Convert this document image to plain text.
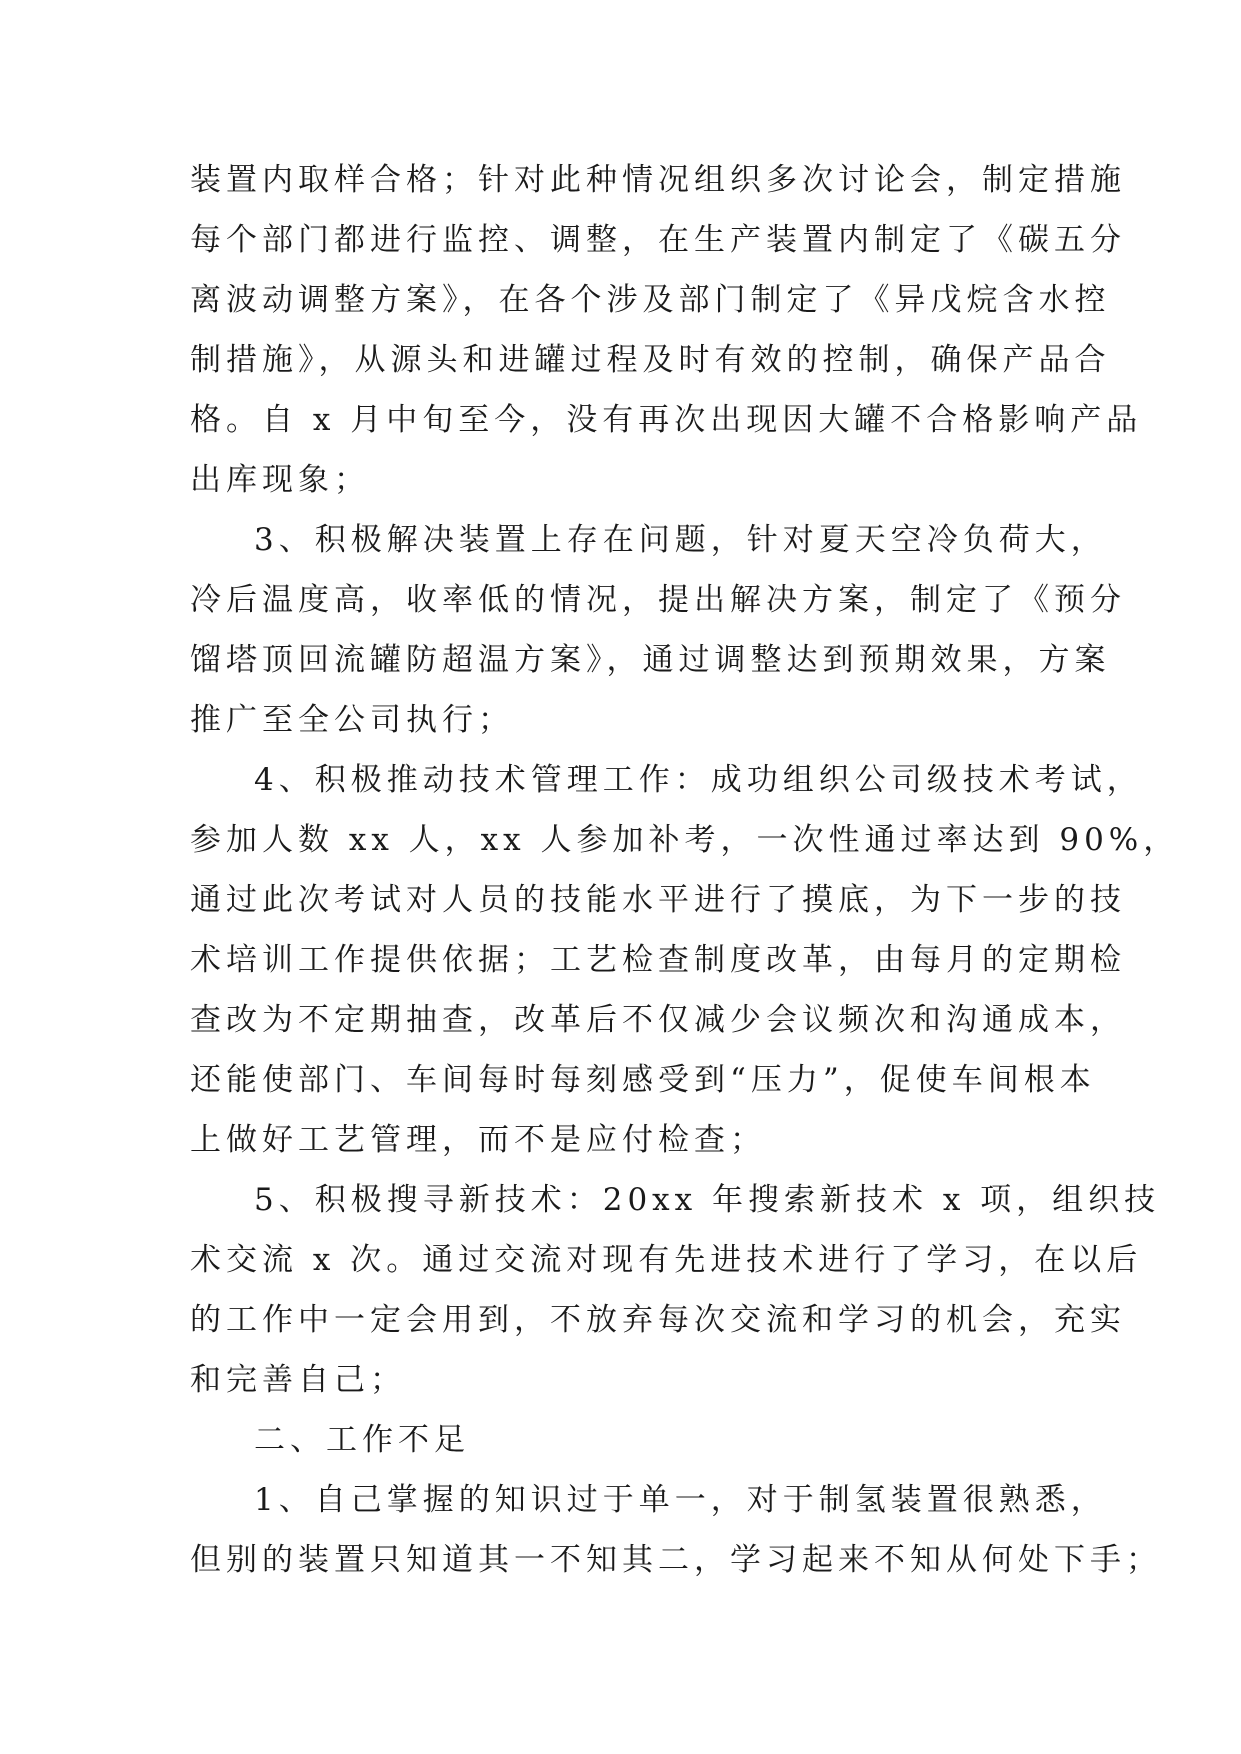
装置内取样合格；针对此种情况组织多次讨论会，制定措施
每个部门都进行监控、调整，在生产装置内制定了《碳五分
离波动调整方案》，在各个涉及部门制定了《异戊烷含水控
制措施》，从源头和进罐过程及时有效的控制，确保产品合
格。自 x 月中旬至今，没有再次出现因大罐不合格影响产品
出库现象；
3、积极解决装置上存在问题，针对夏天空冷负荷大，
冷后温度高，收率低的情况，提出解决方案，制定了《预分
馏塔顶回流罐防超温方案》，通过调整达到预期效果，方案
推广至全公司执行；
4、积极推动技术管理工作：成功组织公司级技术考试，
参加人数 xx 人，xx 人参加补考，一次性通过率达到 90%，
通过此次考试对人员的技能水平进行了摸底，为下一步的技
术培训工作提供依据；工艺检查制度改革，由每月的定期检
查改为不定期抽查，改革后不仅减少会议频次和沟通成本，
还能使部门、车间每时每刻感受到“压力”，促使车间根本
上做好工艺管理，而不是应付检查；
5、积极搜寻新技术：20xx 年搜索新技术 x 项，组织技
术交流 x 次。通过交流对现有先进技术进行了学习，在以后
的工作中一定会用到，不放弃每次交流和学习的机会，充实
和完善自己；
二、工作不足
1、自己掌握的知识过于单一，对于制氢装置很熟悉，
但别的装置只知道其一不知其二，学习起来不知从何处下手；
